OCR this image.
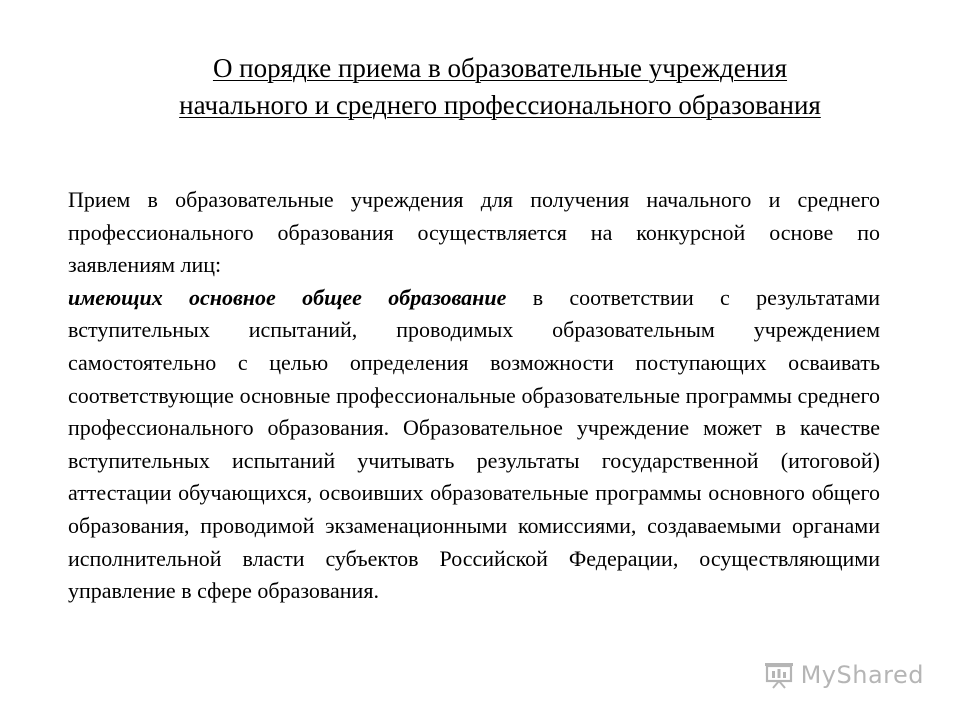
О порядке приема в образовательные учреждения
начального и среднего профессионального образования

Прием в образовательные учреждения для получения начального и среднего профессионального образования осуществляется на конкурсной основе по заявлениям лиц:

имеющих основное общее образование в соответствии с результатами вступительных испытаний, проводимых образовательным учреждением самостоятельно с целью определения возможности поступающих осваивать соответствующие основные профессиональные образовательные программы среднего профессионального образования. Образовательное учреждение может в качестве вступительных испытаний учитывать результаты государственной (итоговой) аттестации обучающихся, освоивших образовательные программы основного общего образования, проводимой экзаменационными комиссиями, создаваемыми органами исполнительной власти субъектов Российской Федерации, осуществляющими управление в сфере образования.

MyShared
